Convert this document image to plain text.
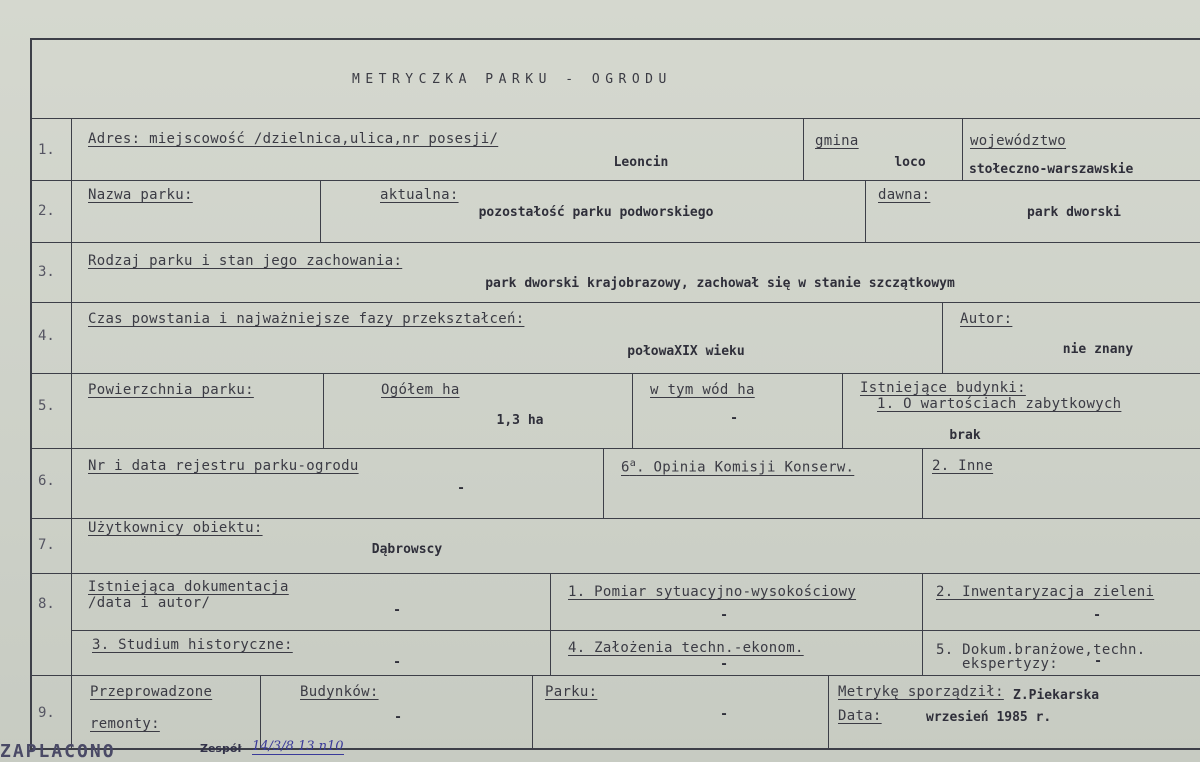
METRYCZKA PARKU - OGRODU
1.
Adres: miejscowość /dzielnica,ulica,nr posesji/
Leoncin
gmina
loco
województwo
stołeczno-warszawskie
2.
Nazwa parku:	aktualna:
pozostałość parku podworskiego
dawna:
park dworski
3.
Rodzaj parku i stan jego zachowania:
park dworski krajobrazowy, zachował się w stanie szczątkowym
4.
Czas powstania i najważniejsze fazy przekształceń:
połowaXIX wieku
Autor:
nie znany
5.
Powierzchnia parku:	Ogółem ha
1,3 ha
w tym wód ha
-
Istniejące budynki:
1. O wartościach zabytkowych
brak
6.
Nr i data rejestru parku-ogrodu
-
6$^a$. Opinia Komisji Konserw.	2. Inne
7.
Użytkownicy obiektu:
Dąbrowscy
8.
Istniejąca dokumentacja
/data i autor/	-
1. Pomiar sytuacyjno-wysokościowy
-
2. Inwentaryzacja zieleni
-
3. Studium historyczne:
-
4. Założenia techn.-ekonom.
-
5. Dokum.branżowe,techn.
ekspertyzy:	-
9.
Przeprowadzone
remonty:
Budynków:
-
Parku:
-
Metrykę sporządził: Z.Piekarska
Data:	wrzesień 1985 r.
ZAPLACONO	Zespół 14/3/8 13 n10
